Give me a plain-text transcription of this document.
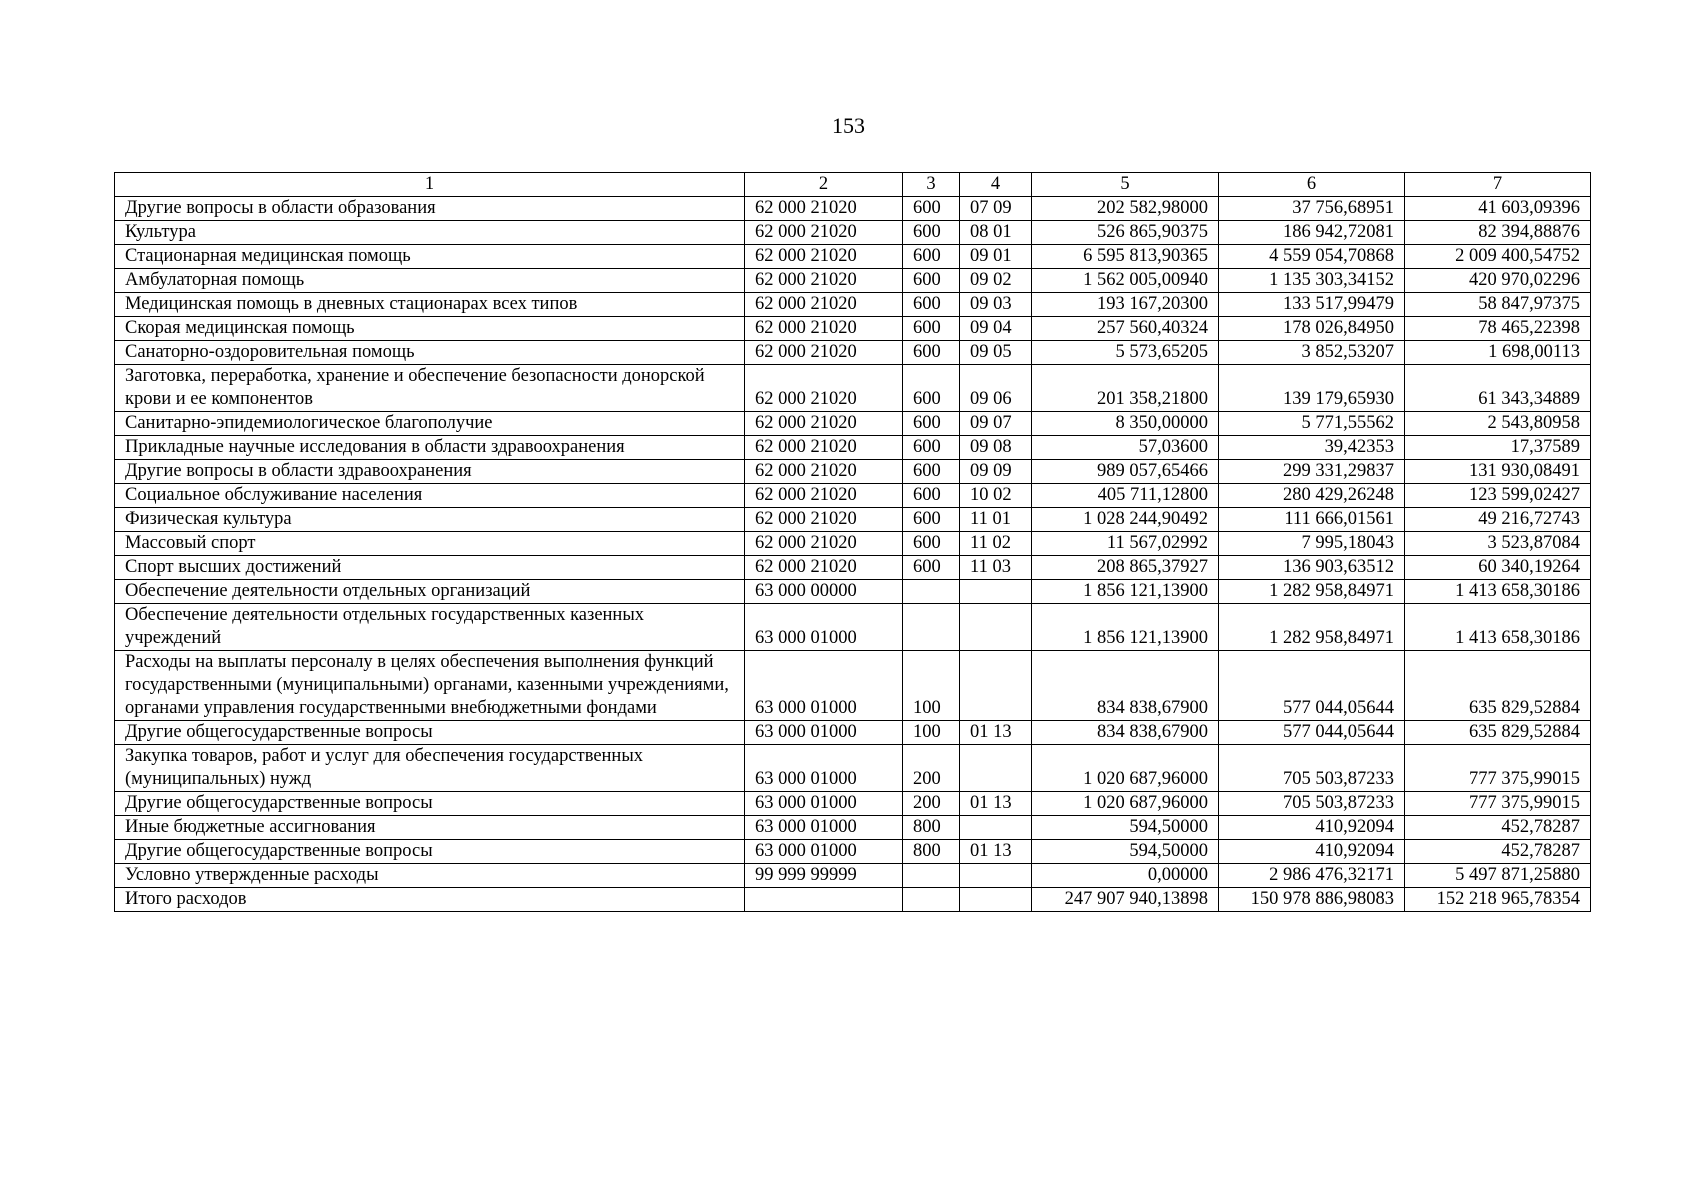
153
1	2	3	4	5	6	7
Другие вопросы в области образования	62 000 21020	600	07 09	202 582,98000	37 756,68951	41 603,09396
Культура	62 000 21020	600	08 01	526 865,90375	186 942,72081	82 394,88876
Стационарная медицинская помощь	62 000 21020	600	09 01	6 595 813,90365	4 559 054,70868	2 009 400,54752
Амбулаторная помощь	62 000 21020	600	09 02	1 562 005,00940	1 135 303,34152	420 970,02296
Медицинская помощь в дневных стационарах всех типов	62 000 21020	600	09 03	193 167,20300	133 517,99479	58 847,97375
Скорая медицинская помощь	62 000 21020	600	09 04	257 560,40324	178 026,84950	78 465,22398
Санаторно-оздоровительная помощь	62 000 21020	600	09 05	5 573,65205	3 852,53207	1 698,00113
Заготовка, переработка, хранение и обеспечение безопасности донорской крови и ее компонентов	62 000 21020	600	09 06	201 358,21800	139 179,65930	61 343,34889
Санитарно-эпидемиологическое благополучие	62 000 21020	600	09 07	8 350,00000	5 771,55562	2 543,80958
Прикладные научные исследования в области здравоохранения	62 000 21020	600	09 08	57,03600	39,42353	17,37589
Другие вопросы в области здравоохранения	62 000 21020	600	09 09	989 057,65466	299 331,29837	131 930,08491
Социальное обслуживание населения	62 000 21020	600	10 02	405 711,12800	280 429,26248	123 599,02427
Физическая культура	62 000 21020	600	11 01	1 028 244,90492	111 666,01561	49 216,72743
Массовый спорт	62 000 21020	600	11 02	11 567,02992	7 995,18043	3 523,87084
Спорт высших достижений	62 000 21020	600	11 03	208 865,37927	136 903,63512	60 340,19264
Обеспечение деятельности отдельных организаций	63 000 00000			1 856 121,13900	1 282 958,84971	1 413 658,30186
Обеспечение деятельности отдельных государственных казенных учреждений	63 000 01000			1 856 121,13900	1 282 958,84971	1 413 658,30186
Расходы на выплаты персоналу в целях обеспечения выполнения функций государственными (муниципальными) органами, казенными учреждениями, органами управления государственными внебюджетными фондами	63 000 01000	100		834 838,67900	577 044,05644	635 829,52884
Другие общегосударственные вопросы	63 000 01000	100	01 13	834 838,67900	577 044,05644	635 829,52884
Закупка товаров, работ и услуг для обеспечения государственных (муниципальных) нужд	63 000 01000	200		1 020 687,96000	705 503,87233	777 375,99015
Другие общегосударственные вопросы	63 000 01000	200	01 13	1 020 687,96000	705 503,87233	777 375,99015
Иные бюджетные ассигнования	63 000 01000	800		594,50000	410,92094	452,78287
Другие общегосударственные вопросы	63 000 01000	800	01 13	594,50000	410,92094	452,78287
Условно утвержденные расходы	99 999 99999			0,00000	2 986 476,32171	5 497 871,25880
Итого расходов				247 907 940,13898	150 978 886,98083	152 218 965,78354
